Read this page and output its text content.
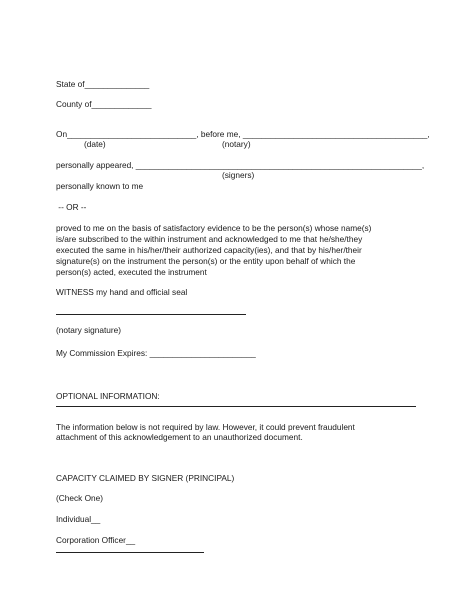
State of______________
County of_____________
On____________________________, before me, ________________________________________,
(date)	(notary)
personally appeared, ______________________________________________________________,
(signers)
personally known to me
-- OR --
proved to me on the basis of satisfactory evidence to be the person(s) whose name(s)
is/are subscribed to the within instrument and acknowledged to me that he/she/they
executed the same in his/her/their authorized capacity(ies), and that by his/her/their
signature(s) on the instrument the person(s) or the entity upon behalf of which the
person(s) acted, executed the instrument
WITNESS my hand and official seal
(notary signature)
My Commission Expires: _______________________
OPTIONAL INFORMATION:
The information below is not required by law. However, it could prevent fraudulent
attachment of this acknowledgement to an unauthorized document.
CAPACITY CLAIMED BY SIGNER (PRINCIPAL)
(Check One)
Individual__
Corporation Officer__
